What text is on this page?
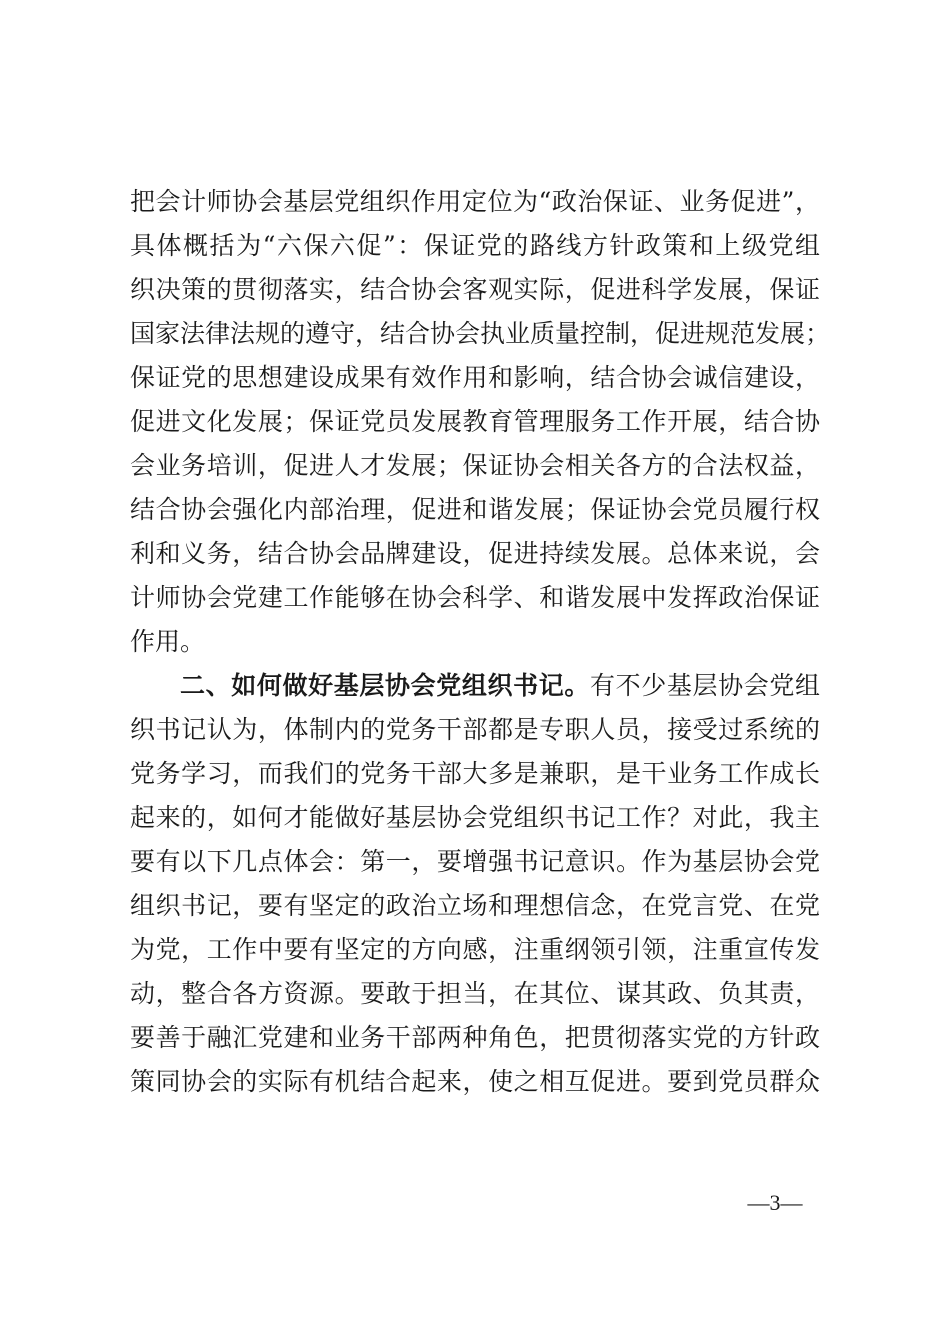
把会计师协会基层党组织作用定位为“政治保证、业务促进”，
具体概括为“六保六促”：保证党的路线方针政策和上级党组
织决策的贯彻落实，结合协会客观实际，促进科学发展，保证
国家法律法规的遵守，结合协会执业质量控制，促进规范发展；
保证党的思想建设成果有效作用和影响，结合协会诚信建设，
促进文化发展；保证党员发展教育管理服务工作开展，结合协
会业务培训，促进人才发展；保证协会相关各方的合法权益，
结合协会强化内部治理，促进和谐发展；保证协会党员履行权
利和义务，结合协会品牌建设，促进持续发展。总体来说，会
计师协会党建工作能够在协会科学、和谐发展中发挥政治保证
作用。
二、如何做好基层协会党组织书记。有不少基层协会党组
织书记认为，体制内的党务干部都是专职人员，接受过系统的
党务学习，而我们的党务干部大多是兼职，是干业务工作成长
起来的，如何才能做好基层协会党组织书记工作？对此，我主
要有以下几点体会：第一，要增强书记意识。作为基层协会党
组织书记，要有坚定的政治立场和理想信念，在党言党、在党
为党，工作中要有坚定的方向感，注重纲领引领，注重宣传发
动，整合各方资源。要敢于担当，在其位、谋其政、负其责，
要善于融汇党建和业务干部两种角色，把贯彻落实党的方针政
策同协会的实际有机结合起来，使之相互促进。要到党员群众
—3—
